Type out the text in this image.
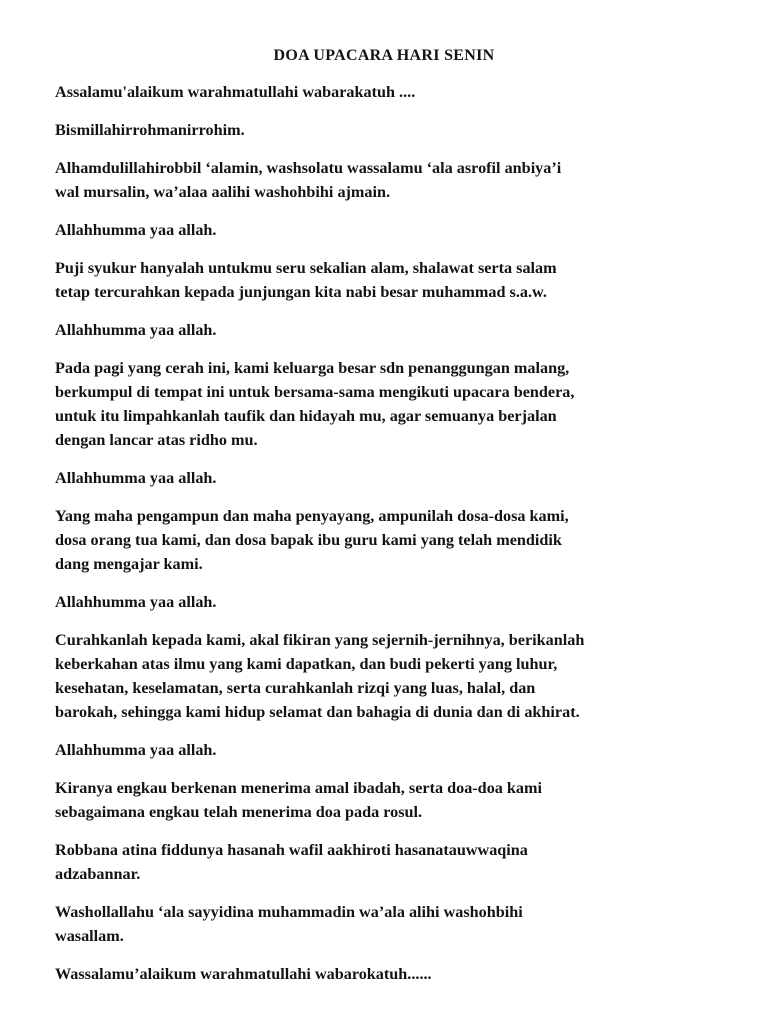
DOA UPACARA HARI SENIN

Assalamu'alaikum warahmatullahi wabarakatuh ....

Bismillahirrohmanirrohim.

Alhamdulillahirobbil ‘alamin, washsolatu wassalamu ‘ala asrofil anbiya’i
wal mursalin, wa’alaa aalihi washohbihi ajmain.

Allahhumma yaa allah.

Puji syukur hanyalah untukmu seru sekalian alam, shalawat serta salam
tetap tercurahkan kepada junjungan kita nabi besar muhammad s.a.w.

Allahhumma yaa allah.

Pada pagi yang cerah ini, kami keluarga besar sdn penanggungan malang,
berkumpul di tempat ini untuk bersama-sama mengikuti upacara bendera,
untuk itu limpahkanlah taufik dan hidayah mu, agar semuanya berjalan
dengan lancar atas ridho mu.

Allahhumma yaa allah.

Yang maha pengampun dan maha penyayang, ampunilah dosa-dosa kami,
dosa orang tua kami, dan dosa bapak ibu guru kami yang telah mendidik
dang mengajar kami.

Allahhumma yaa allah.

Curahkanlah kepada kami, akal fikiran yang sejernih-jernihnya, berikanlah
keberkahan atas ilmu yang kami dapatkan, dan budi pekerti yang luhur,
kesehatan, keselamatan, serta curahkanlah rizqi yang luas, halal, dan
barokah, sehingga kami hidup selamat dan bahagia di dunia dan di akhirat.

Allahhumma yaa allah.

Kiranya engkau berkenan menerima amal ibadah, serta doa-doa kami
sebagaimana engkau telah menerima doa pada rosul.

Robbana atina fiddunya hasanah wafil aakhiroti hasanatauwwaqina
adzabannar.

Washollallahu ‘ala sayyidina muhammadin wa’ala alihi washohbihi
wasallam.

Wassalamu’alaikum warahmatullahi wabarokatuh......
